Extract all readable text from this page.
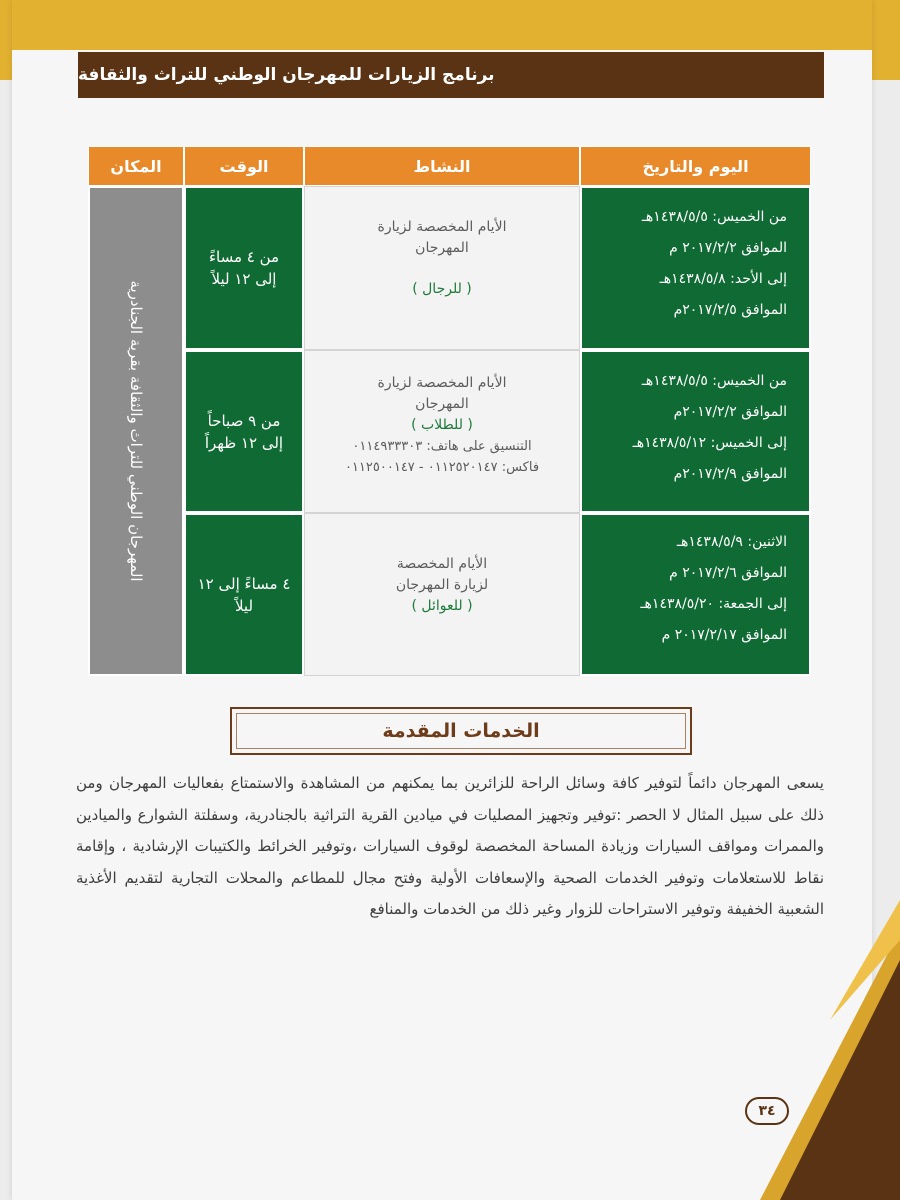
برنامج الزيارات للمهرجان الوطني للتراث والثقافة
اليوم والتاريخ
النشاط
الوقت
المكان
من الخميس: ١٤٣٨/٥/٥هـ
الموافق ٢٠١٧/٢/٢ م
إلى الأحد: ١٤٣٨/٥/٨هـ
الموافق ٢٠١٧/٢/٥م
الأيام المخصصة لزيارة
المهرجان
( للرجال )
من ٤ مساءً
إلى ١٢ ليلاً
من الخميس: ١٤٣٨/٥/٥هـ
الموافق ٢٠١٧/٢/٢م
إلى الخميس: ١٤٣٨/٥/١٢هـ
الموافق ٢٠١٧/٢/٩م
الأيام المخصصة لزيارة
المهرجان
( للطلاب )
التنسيق على هاتف: ٠١١٤٩٣٣٣٠٣
فاكس: ٠١١٢٥٢٠١٤٧ - ٠١١٢٥٠٠١٤٧
من ٩ صباحاً
إلى ١٢ ظهراً
الاثنين: ١٤٣٨/٥/٩هـ
الموافق ٢٠١٧/٢/٦ م
إلى الجمعة: ١٤٣٨/٥/٢٠هـ
الموافق ٢٠١٧/٢/١٧ م
الأيام المخصصة
لزيارة المهرجان
( للعوائل )
٤ مساءً إلى ١٢
ليلاً
المهرجان الوطني للتراث والثقافة بقرية الجنادرية
الخدمات المقدمة
يسعى المهرجان دائماً لتوفير كافة وسائل الراحة للزائرين بما يمكنهم من المشاهدة والاستمتاع بفعاليات المهرجان ومن ذلك على سبيل المثال لا الحصر :توفير وتجهيز المصليات في ميادين القرية التراثية بالجنادرية، وسفلتة الشوارع والميادين والممرات ومواقف السيارات وزيادة المساحة المخصصة لوقوف السيارات ،وتوفير الخرائط والكتيبات الإرشادية ، وإقامة نقاط للاستعلامات وتوفير الخدمات الصحية والإسعافات الأولية وفتح مجال للمطاعم والمحلات التجارية لتقديم الأغذية الشعبية الخفيفة وتوفير الاستراحات للزوار وغير ذلك من الخدمات والمنافع
٣٤
